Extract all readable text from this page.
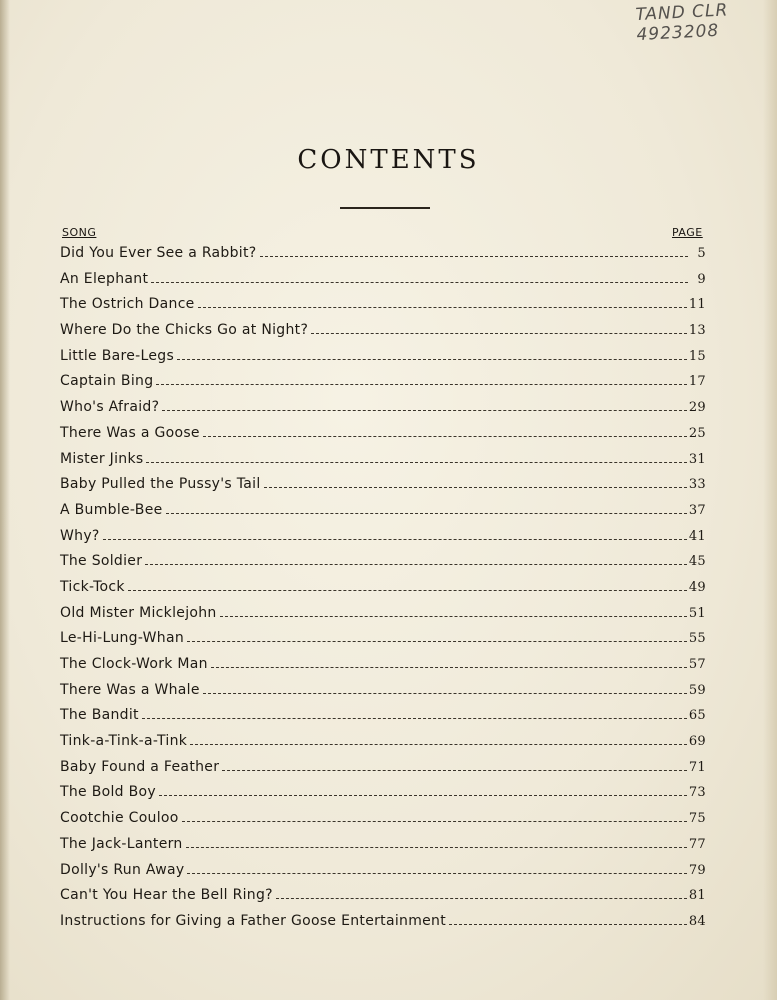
TAND CLR
4923208
CONTENTS
SONG	PAGE
Did You Ever See a Rabbit?	5
An Elephant	9
The Ostrich Dance	11
Where Do the Chicks Go at Night?	13
Little Bare-Legs	15
Captain Bing	17
Who's Afraid?	29
There Was a Goose	25
Mister Jinks	31
Baby Pulled the Pussy's Tail	33
A Bumble-Bee	37
Why?	41
The Soldier	45
Tick-Tock	49
Old Mister Micklejohn	51
Le-Hi-Lung-Whan	55
The Clock-Work Man	57
There Was a Whale	59
The Bandit	65
Tink-a-Tink-a-Tink	69
Baby Found a Feather	71
The Bold Boy	73
Cootchie Couloo	75
The Jack-Lantern	77
Dolly's Run Away	79
Can't You Hear the Bell Ring?	81
Instructions for Giving a Father Goose Entertainment	84
